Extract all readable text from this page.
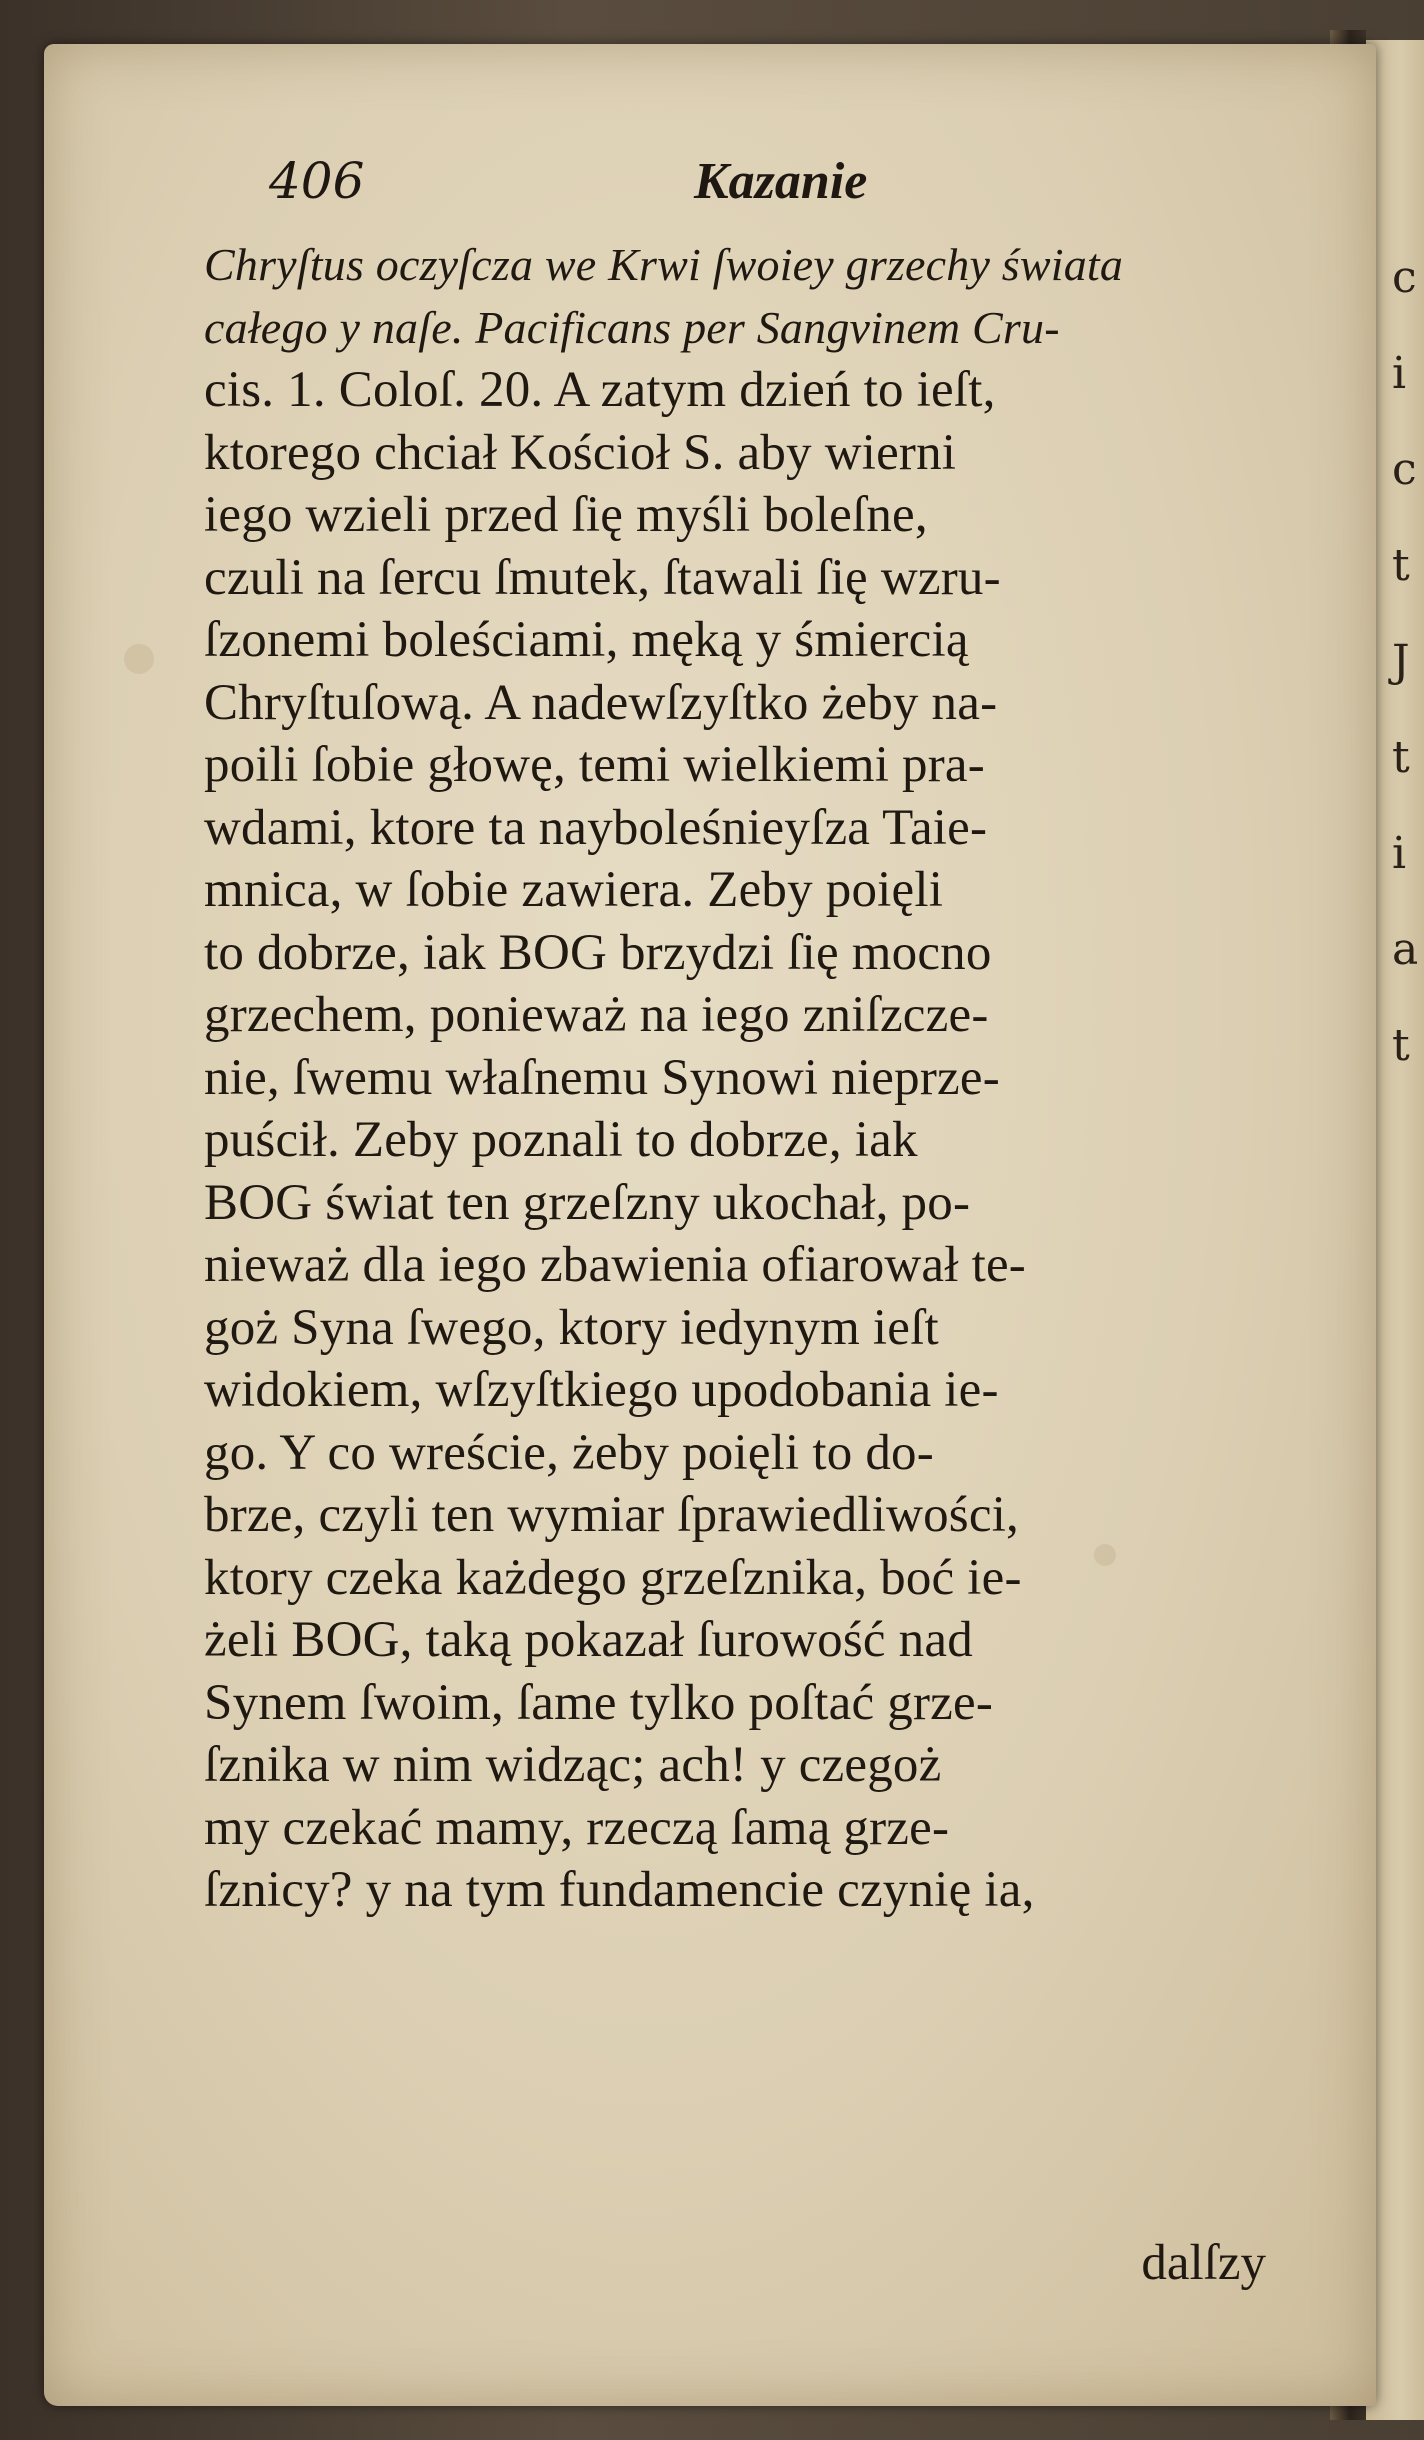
c
i
c
t
J
t
i
a
t
406	Kazanie
Chryſtus oczyſcza we Krwi ſwoiey grzechy świata
całego y naſe. Pacificans per Sangvinem Cru-
cis. 1. Coloſ. 20. A zatym dzień to ieſt,
ktorego chciał Kościoł S. aby wierni
iego wzieli przed ſię myśli boleſne,
czuli na ſercu ſmutek, ſtawali ſię wzru-
ſzonemi boleściami, męką y śmiercią
Chryſtuſową. A nadewſzyſtko żeby na-
poili ſobie głowę, temi wielkiemi pra-
wdami, ktore ta nayboleśnieyſza Taie-
mnica, w ſobie zawiera. Zeby poięli
to dobrze, iak BOG brzydzi ſię mocno
grzechem, ponieważ na iego zniſzcze-
nie, ſwemu właſnemu Synowi nieprze-
puścił. Zeby poznali to dobrze, iak
BOG świat ten grzeſzny ukochał, po-
nieważ dla iego zbawienia ofiarował te-
goż Syna ſwego, ktory iedynym ieſt
widokiem, wſzyſtkiego upodobania ie-
go. Y co wreście, żeby poięli to do-
brze, czyli ten wymiar ſprawiedliwości,
ktory czeka każdego grzeſznika, boć ie-
żeli BOG, taką pokazał ſurowość nad
Synem ſwoim, ſame tylko poſtać grze-
ſznika w nim widząc; ach! y czegoż
my czekać mamy, rzeczą ſamą grze-
ſznicy? y na tym fundamencie czynię ia,
dalſzy
